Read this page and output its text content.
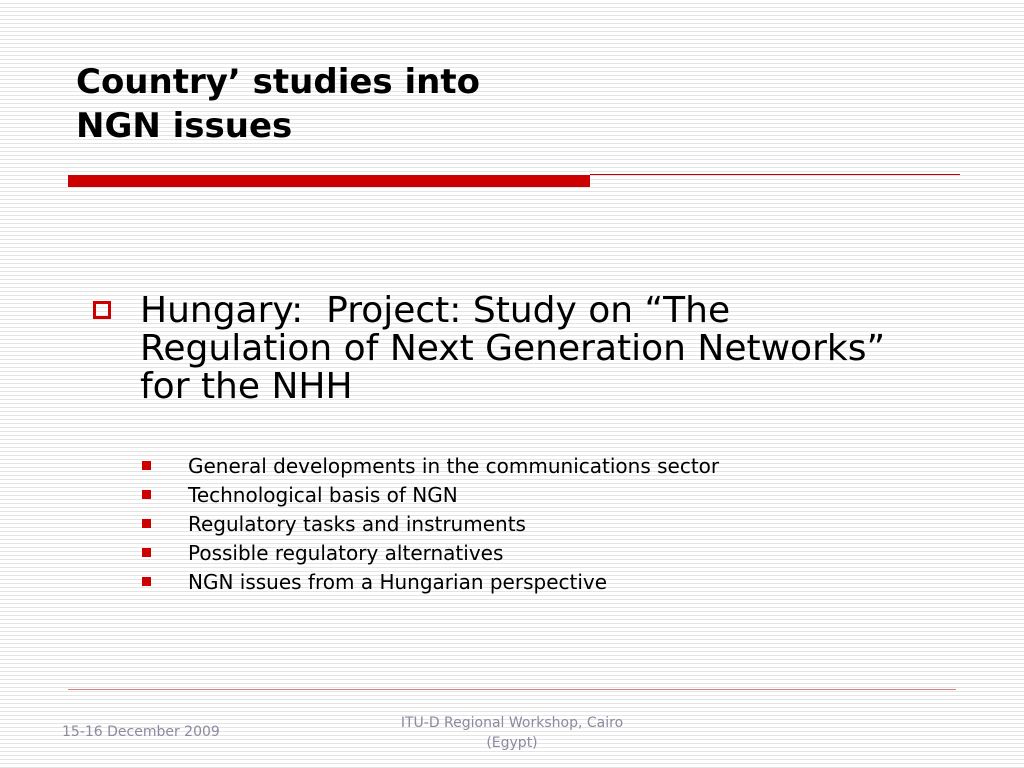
Country’ studies into
NGN issues

Hungary: Project: Study on “The Regulation of Next Generation Networks” for the NHH

General developments in the communications sector
Technological basis of NGN
Regulatory tasks and instruments
Possible regulatory alternatives
NGN issues from a Hungarian perspective
15-16 December 2009
ITU-D Regional Workshop, Cairo
(Egypt)
